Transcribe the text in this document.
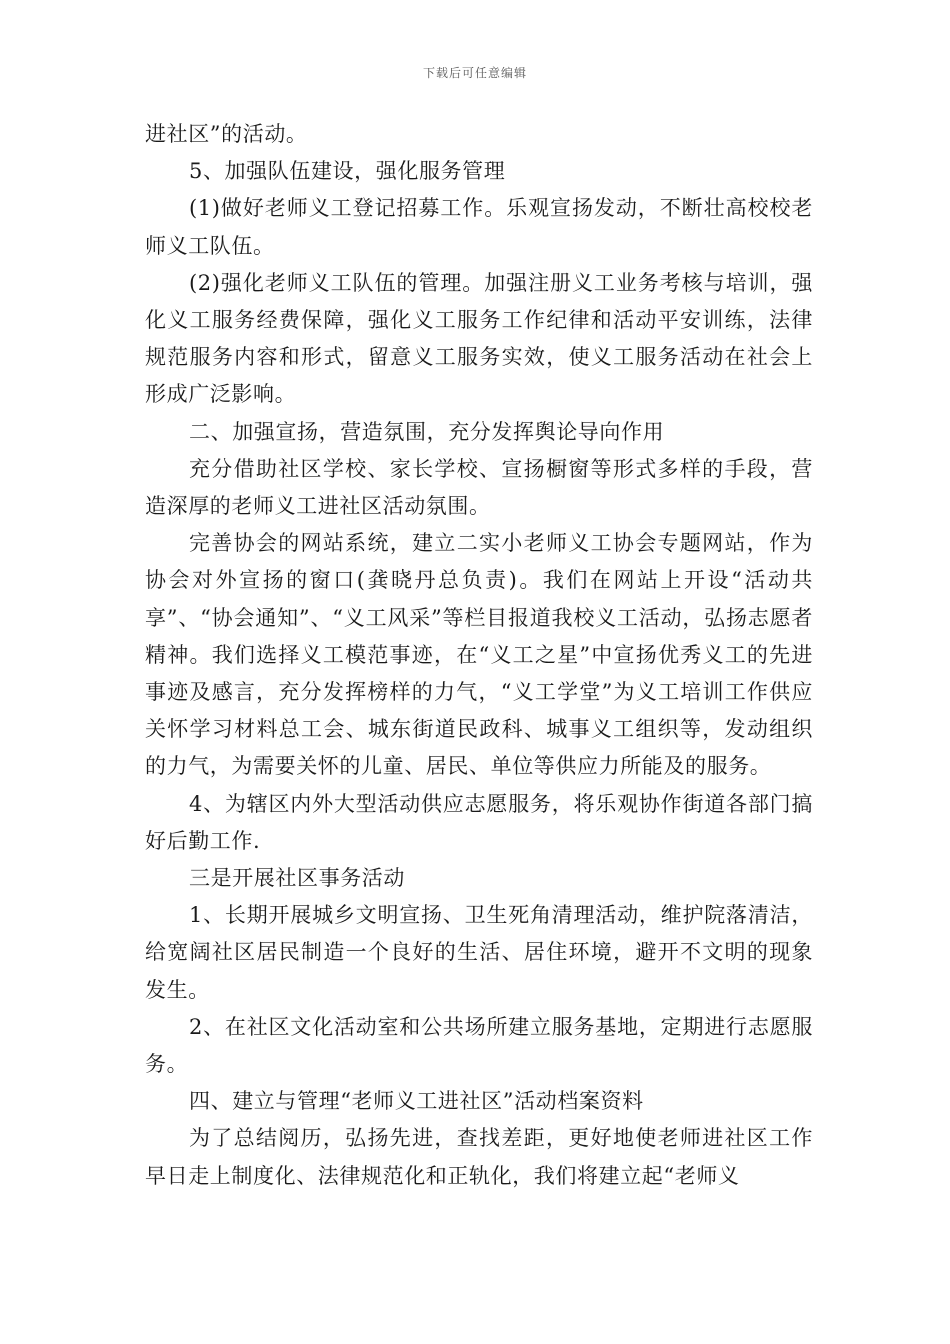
下载后可任意编辑

进社区”的活动。

5、加强队伍建设，强化服务管理

(1)做好老师义工登记招募工作。乐观宣扬发动，不断壮高校校老师义工队伍。

(2)强化老师义工队伍的管理。加强注册义工业务考核与培训，强化义工服务经费保障，强化义工服务工作纪律和活动平安训练，法律规范服务内容和形式，留意义工服务实效，使义工服务活动在社会上形成广泛影响。

二、加强宣扬，营造氛围，充分发挥舆论导向作用

充分借助社区学校、家长学校、宣扬橱窗等形式多样的手段，营造深厚的老师义工进社区活动氛围。

完善协会的网站系统，建立二实小老师义工协会专题网站，作为协会对外宣扬的窗口(龚晓丹总负责)。我们在网站上开设“活动共享”、“协会通知”、“义工风采”等栏目报道我校义工活动，弘扬志愿者精神。我们选择义工模范事迹，在“义工之星”中宣扬优秀义工的先进事迹及感言，充分发挥榜样的力气，“义工学堂”为义工培训工作供应关怀学习材料总工会、城东街道民政科、城事义工组织等，发动组织的力气，为需要关怀的儿童、居民、单位等供应力所能及的服务。

4、为辖区内外大型活动供应志愿服务，将乐观协作街道各部门搞好后勤工作.

三是开展社区事务活动

1、长期开展城乡文明宣扬、卫生死角清理活动，维护院落清洁，给宽阔社区居民制造一个良好的生活、居住环境，避开不文明的现象发生。

2、在社区文化活动室和公共场所建立服务基地，定期进行志愿服务。

四、建立与管理“老师义工进社区”活动档案资料

为了总结阅历，弘扬先进，查找差距，更好地使老师进社区工作早日走上制度化、法律规范化和正轨化，我们将建立起“老师义
